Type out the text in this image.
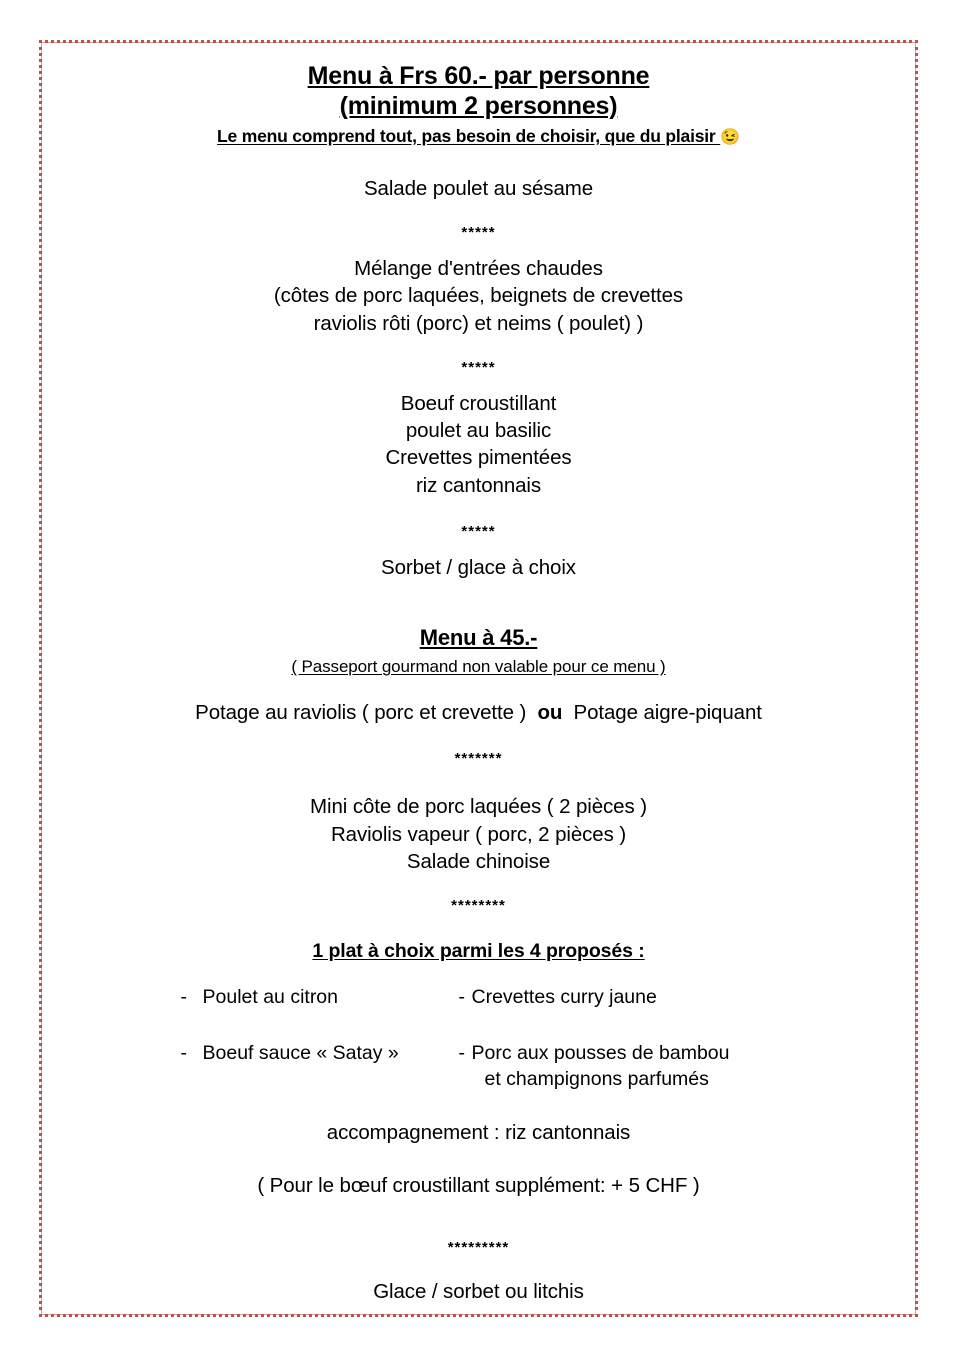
Menu à Frs 60.- par personne
(minimum 2 personnes)
Le menu comprend tout, pas besoin de choisir, que du plaisir 😉
Salade poulet au sésame
*****
Mélange d'entrées chaudes
(côtes de porc laquées, beignets de crevettes
raviolis rôti (porc) et neims ( poulet) )
*****
Boeuf croustillant
poulet au basilic
Crevettes pimentées
riz cantonnais
*****
Sorbet / glace à choix
Menu à 45.-
( Passeport gourmand non valable pour ce menu )
Potage au raviolis ( porc et crevette ) ou Potage aigre-piquant
*******
Mini côte de porc laquées ( 2 pièces )
Raviolis vapeur ( porc, 2 pièces )
Salade chinoise
********
1 plat à choix parmi les 4 proposés :
- Poulet au citron	- Crevettes curry jaune
- Boeuf sauce « Satay »	- Porc aux pousses de bambou
et champignons parfumés
accompagnement : riz cantonnais
( Pour le bœuf croustillant supplément: + 5 CHF )
*********
Glace / sorbet ou litchis
